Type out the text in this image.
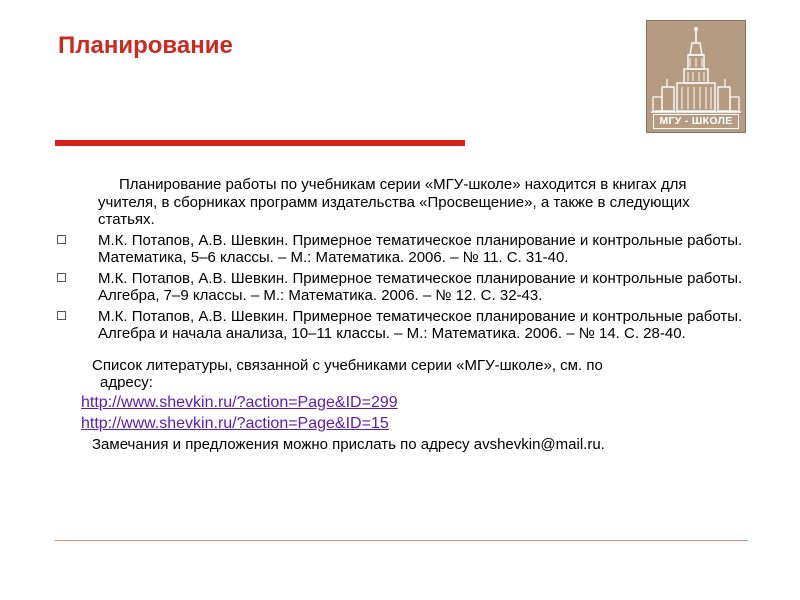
Планирование
МГУ - ШКОЛЕ

Планирование работы по учебникам серии «МГУ-школе» находится в книгах для учителя, в сборниках программ издательства «Просвещение», а также в следующих статьях.

М.К. Потапов, А.В. Шевкин. Примерное тематическое планирование и контрольные работы. Математика, 5–6 классы. – М.: Математика. 2006. – № 11. С. 31-40.
М.К. Потапов, А.В. Шевкин. Примерное тематическое планирование и контрольные работы. Алгебра, 7–9 классы. – М.: Математика. 2006. – № 12. С. 32-43.
М.К. Потапов, А.В. Шевкин. Примерное тематическое планирование и контрольные работы. Алгебра и начала анализа, 10–11 классы. – М.: Математика. 2006. – № 14. С. 28-40.
Список литературы, связанной с учебниками серии «МГУ-школе», см. по
адресу:
http://www.shevkin.ru/?action=Page&ID=299
http://www.shevkin.ru/?action=Page&ID=15
Замечания и предложения можно прислать по адресу avshevkin@mail.ru.
